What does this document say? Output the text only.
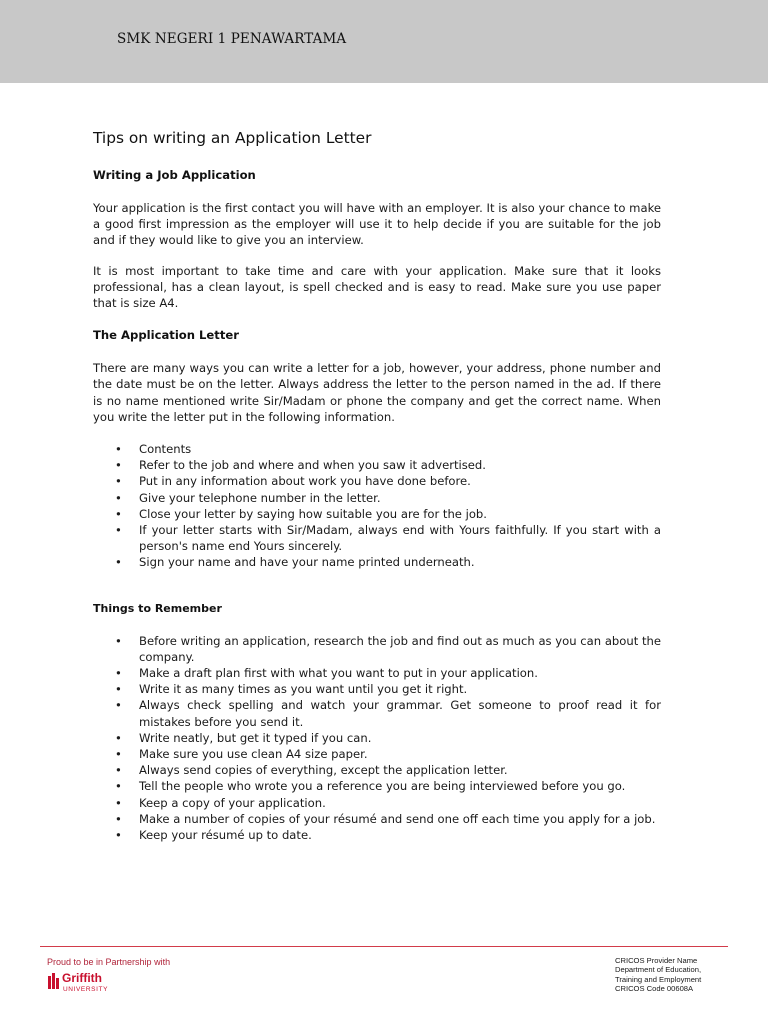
SMK NEGERI 1 PENAWARTAMA
Tips on writing an Application Letter
Writing a Job Application

Your application is the first contact you will have with an employer. It is also your chance to make a good first impression as the employer will use it to help decide if you are suitable for the job and if they would like to give you an interview.

It is most important to take time and care with your application. Make sure that it looks professional, has a clean layout, is spell checked and is easy to read. Make sure you use paper that is size A4.

The Application Letter

There are many ways you can write a letter for a job, however, your address, phone number and the date must be on the letter. Always address the letter to the person named in the ad. If there is no name mentioned write Sir/Madam or phone the company and get the correct name. When you write the letter put in the following information.

• Contents
• Refer to the job and where and when you saw it advertised.
• Put in any information about work you have done before.
• Give your telephone number in the letter.
• Close your letter by saying how suitable you are for the job.
• If your letter starts with Sir/Madam, always end with Yours faithfully. If you start with a person's name end Yours sincerely.
• Sign your name and have your name printed underneath.
Things to Remember
• Before writing an application, research the job and find out as much as you can about the company.
• Make a draft plan first with what you want to put in your application.
• Write it as many times as you want until you get it right.
• Always check spelling and watch your grammar. Get someone to proof read it for mistakes before you send it.
• Write neatly, but get it typed if you can.
• Make sure you use clean A4 size paper.
• Always send copies of everything, except the application letter.
• Tell the people who wrote you a reference you are being interviewed before you go.
• Keep a copy of your application.
• Make a number of copies of your résumé and send one off each time you apply for a job.
• Keep your résumé up to date.
Proud to be in Partnership with
Griffith
UNIVERSITY
CRICOS Provider Name
Department of Education,
Training and Employment
CRICOS Code 00608A
